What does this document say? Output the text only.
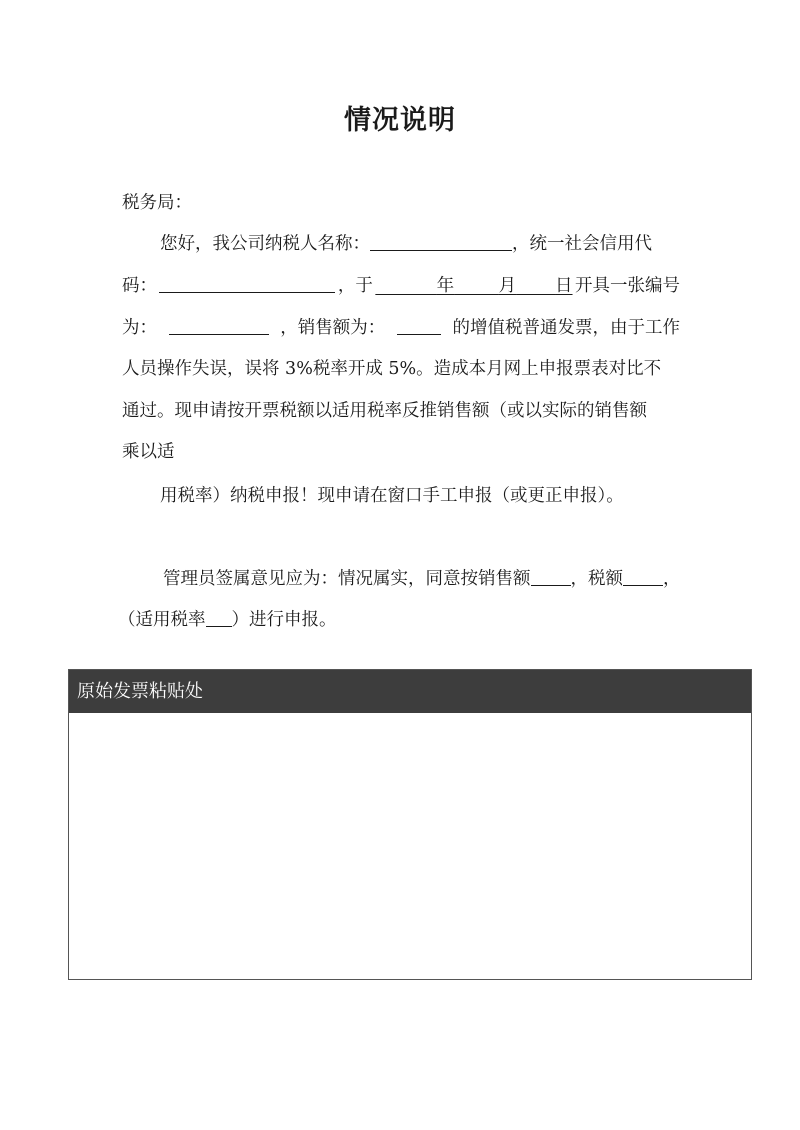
情况说明
税务局：
您好，我公司纳税人名称：	，统一社会信用代
码：	，于	年	月 日 开具一张编号
为：	，销售额为：	的增值税普通发票，由于工作
人员操作失误，误将 3%税率开成 5%。造成本月网上申报票表对比不
通过。现申请按开票税额以适用税率反推销售额（或以实际的销售额
乘以适
用税率）纳税申报！现申请在窗口手工申报（或更正申报）。
管理员签属意见应为：情况属实，同意按销售额 ，税额 ，
（适用税率 ）进行申报。
原始发票粘贴处
